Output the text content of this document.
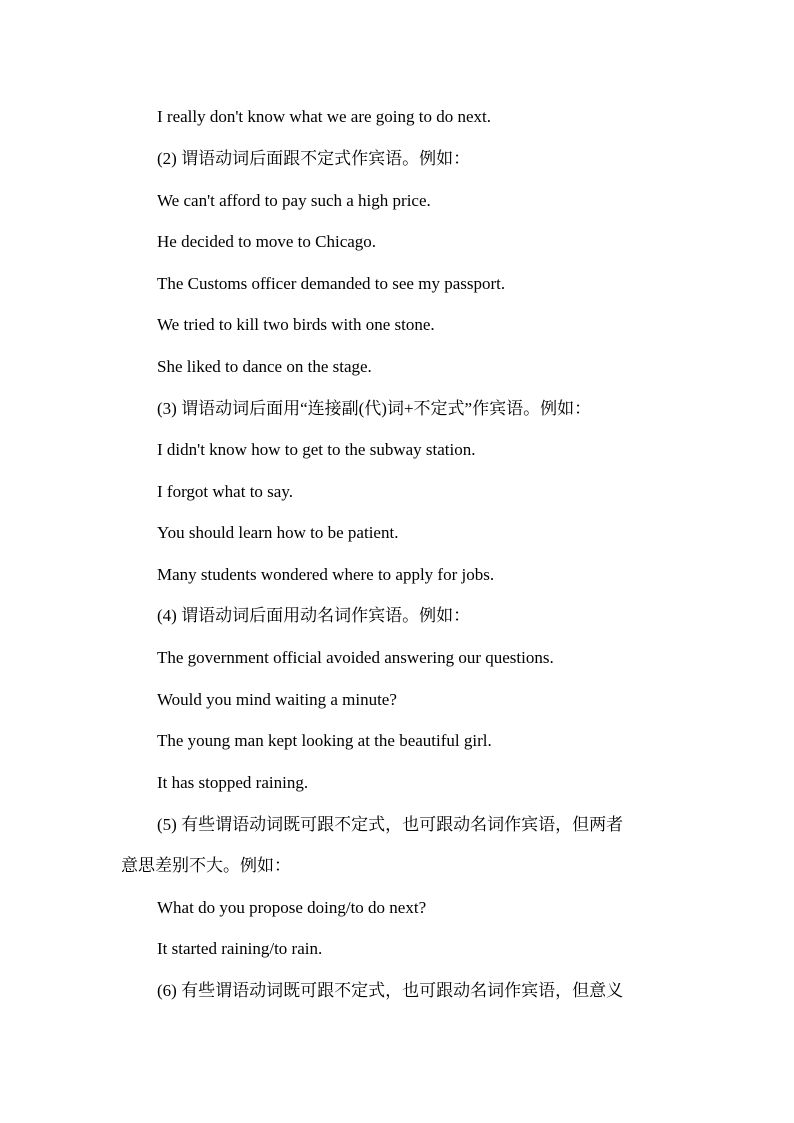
I really don't know what we are going to do next.

(2) 谓语动词后面跟不定式作宾语。例如：

We can't afford to pay such a high price.

He decided to move to Chicago.

The Customs officer demanded to see my passport.

We tried to kill two birds with one stone.

She liked to dance on the stage.

(3) 谓语动词后面用“连接副(代)词+不定式”作宾语。例如：

I didn't know how to get to the subway station.

I forgot what to say.

You should learn how to be patient.

Many students wondered where to apply for jobs.

(4) 谓语动词后面用动名词作宾语。例如：

The government official avoided answering our questions.

Would you mind waiting a minute?

The young man kept looking at the beautiful girl.

It has stopped raining.

(5) 有些谓语动词既可跟不定式，也可跟动名词作宾语，但两者

意思差别不大。例如：

What do you propose doing/to do next?

It started raining/to rain.

(6) 有些谓语动词既可跟不定式，也可跟动名词作宾语，但意义
